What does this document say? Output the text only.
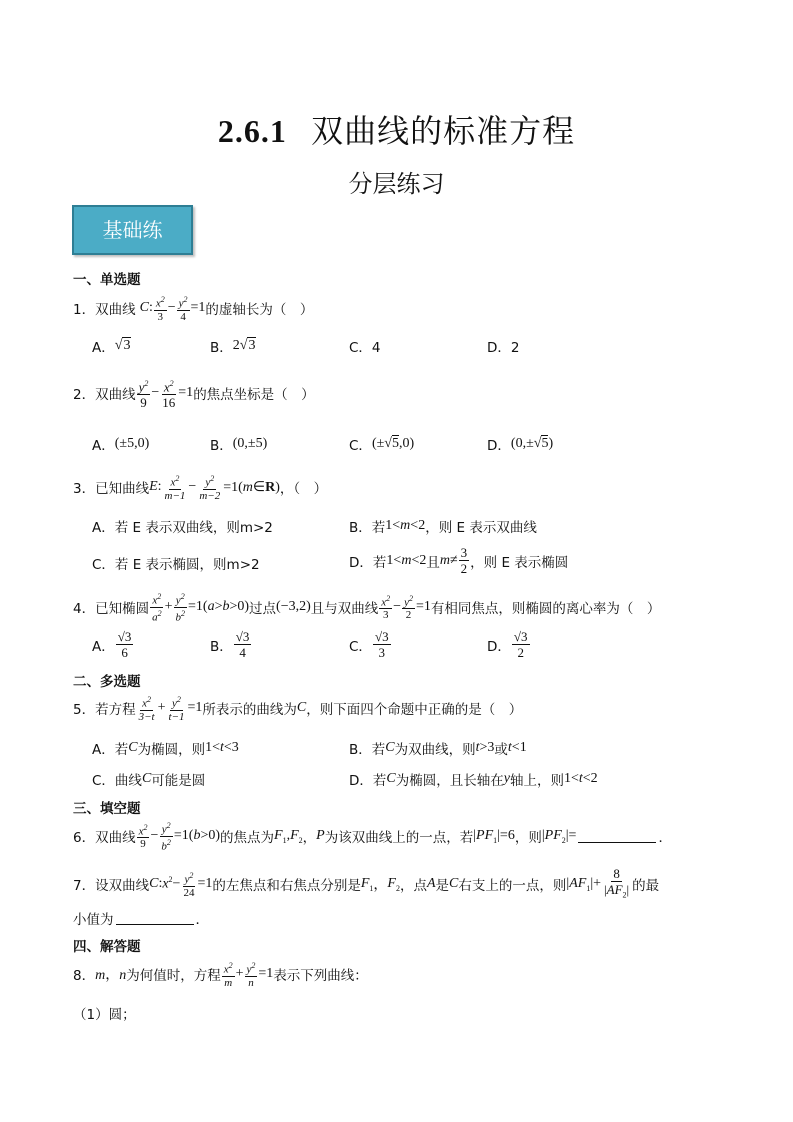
2.6.1 双曲线的标准方程
分层练习
基础练
一、单选题
1． 双曲线 C : $\frac{x^2}{3} - \frac{y^2}{4} =1$ 的虚轴长为（　）
A． √3	B． 2√3	C．4	D．2
2． 双曲线 $\frac{y^2}{9} - \frac{x^2}{16} =1$ 的焦点坐标是（　）
A． (±5,0)	B． (0,±5)	C． (±√5,0)	D． (0,±√5)
3． 已知曲线 E : $\frac{x^2}{m-1} - \frac{y^2}{m-2}$ =1(m∈R) ，（　）
A．若 E 表示双曲线，则m>2	B．若 1<m<2 ，则 E 表示双曲线
C．若 E 表示椭圆，则m>2	D．若 1<m<2 且 $m\ne \frac{3}{2}$ ，则 E 表示椭圆
4． 已知椭圆 $\frac{x^2}{a^2} + \frac{y^2}{b^2} =1(a>b>0)$ 过点 (−3,2) 且与双曲线 $\frac{x^2}{3} - \frac{y^2}{2} =1$ 有相同焦点，则椭圆的离心率为（　）
A． $\frac{√3}{6}$	B． $\frac{√3}{4}$	C． $\frac{√3}{3}$	D． $\frac{√3}{2}$
二、多选题
5． 若方程 $\frac{x^2}{3-t} + \frac{y^2}{t-1} =1$ 所表示的曲线为 C ，则下面四个命题中正确的是（　）
A．若 C 为椭圆，则 1<t<3	B．若 C 为双曲线，则 t>3 或 t<1
C．曲线 C 可能是圆	D．若 C 为椭圆，且长轴在 y 轴上，则 1<t<2
三、填空题
6． 双曲线 $\frac{x^2}{9} - \frac{y^2}{b^2} =1(b>0)$ 的焦点为 $F_1,F_2$ ， P 为该双曲线上的一点，若 $|PF_1|=6$ ，则 $|PF_2|=$	．
7． 设双曲线 C : $x^2- \frac{y^2}{24} =1$ 的左焦点和右焦点分别是 $F_1$ ， $F_2$ ，点 A 是 C 右支上的一点，则 $|AF_1|+ \frac{8}{|AF_2|}$ 的最
小值为	．
四、解答题
8． m，n 为何值时，方程 $\frac{x^2}{m} + \frac{y^2}{n} =1$ 表示下列曲线：
（1）圆；
